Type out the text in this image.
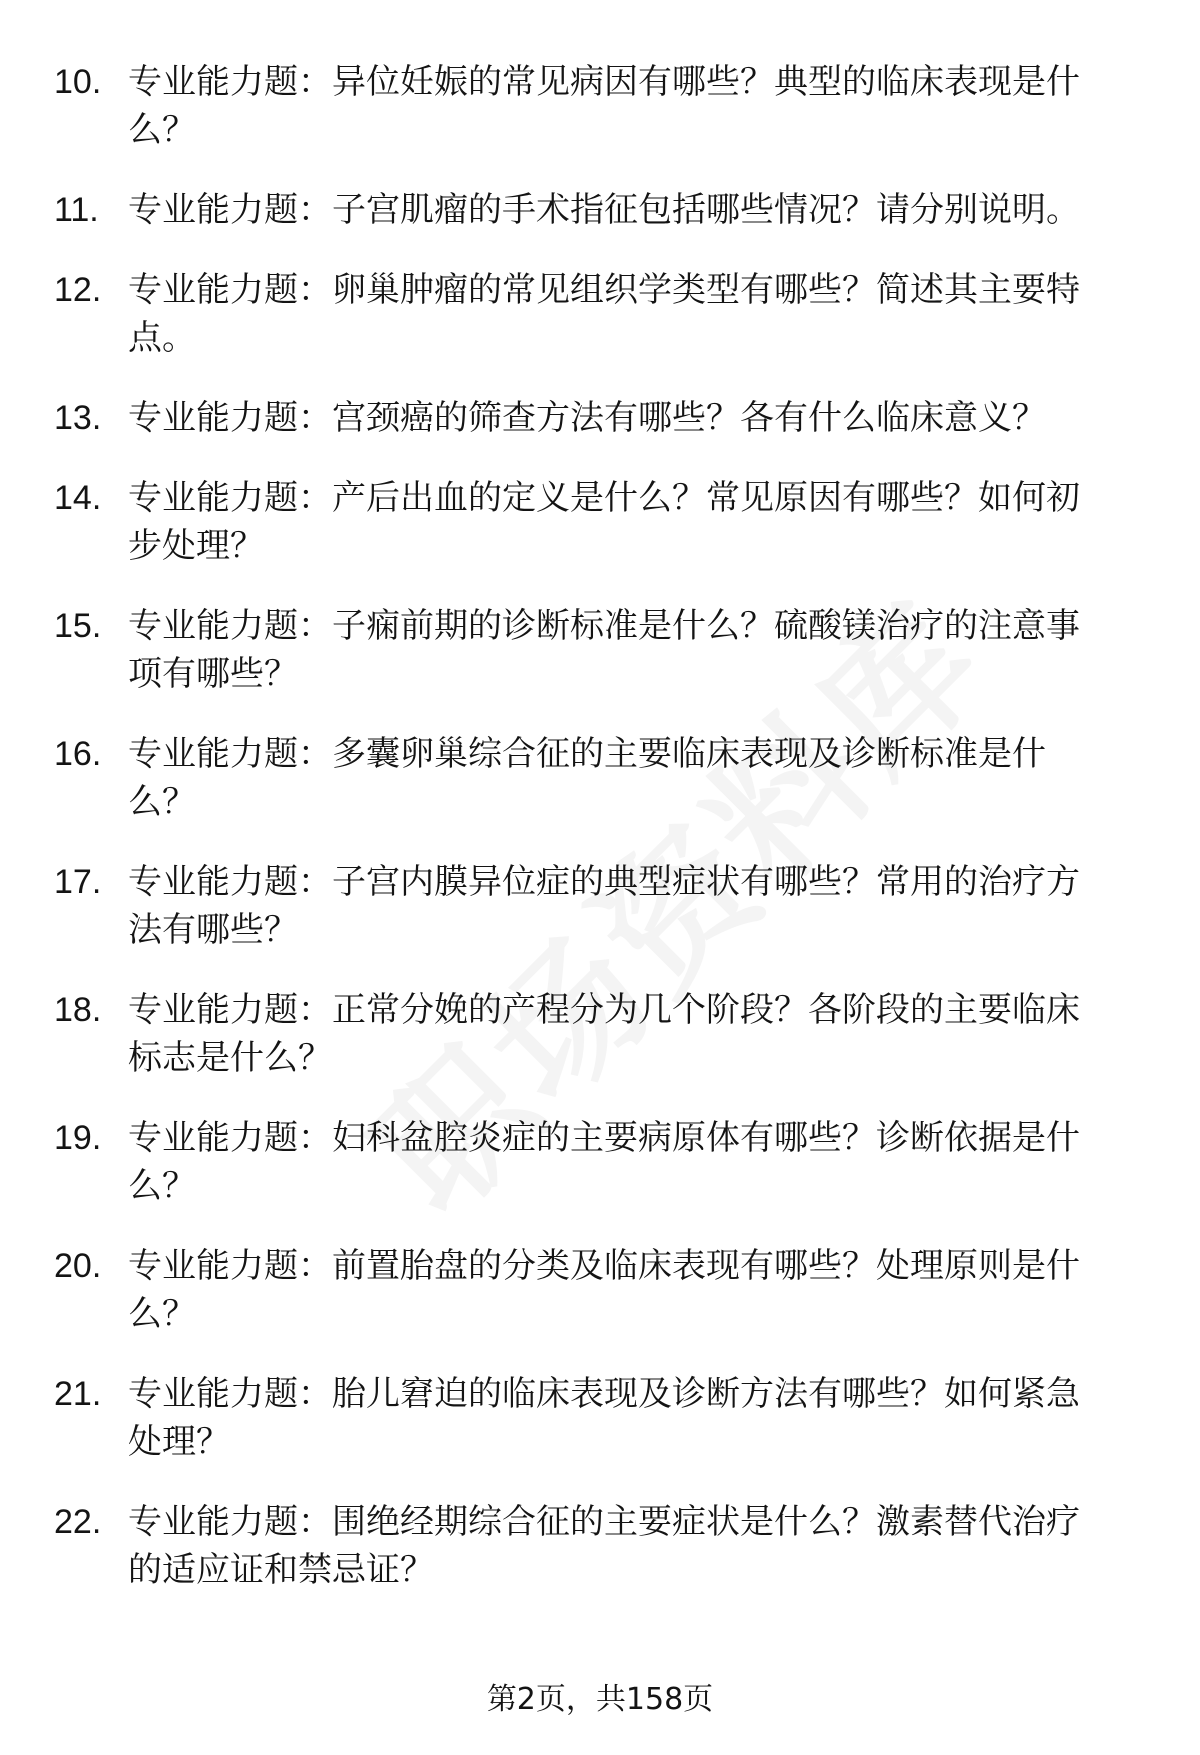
10. 专业能力题：异位妊娠的常见病因有哪些？典型的临床表现是什
么？
11. 专业能力题：子宫肌瘤的手术指征包括哪些情况？请分别说明。
12. 专业能力题：卵巢肿瘤的常见组织学类型有哪些？简述其主要特
点。
13. 专业能力题：宫颈癌的筛查方法有哪些？各有什么临床意义？
14. 专业能力题：产后出血的定义是什么？常见原因有哪些？如何初
步处理？
15. 专业能力题：子痫前期的诊断标准是什么？硫酸镁治疗的注意事
项有哪些？
16. 专业能力题：多囊卵巢综合征的主要临床表现及诊断标准是什
么？
17. 专业能力题：子宫内膜异位症的典型症状有哪些？常用的治疗方
法有哪些？
18. 专业能力题：正常分娩的产程分为几个阶段？各阶段的主要临床
标志是什么？
19. 专业能力题：妇科盆腔炎症的主要病原体有哪些？诊断依据是什
么？
20. 专业能力题：前置胎盘的分类及临床表现有哪些？处理原则是什
么？
21. 专业能力题：胎儿窘迫的临床表现及诊断方法有哪些？如何紧急
处理？
22. 专业能力题：围绝经期综合征的主要症状是什么？激素替代治疗
的适应证和禁忌证？
第2页，共158页
